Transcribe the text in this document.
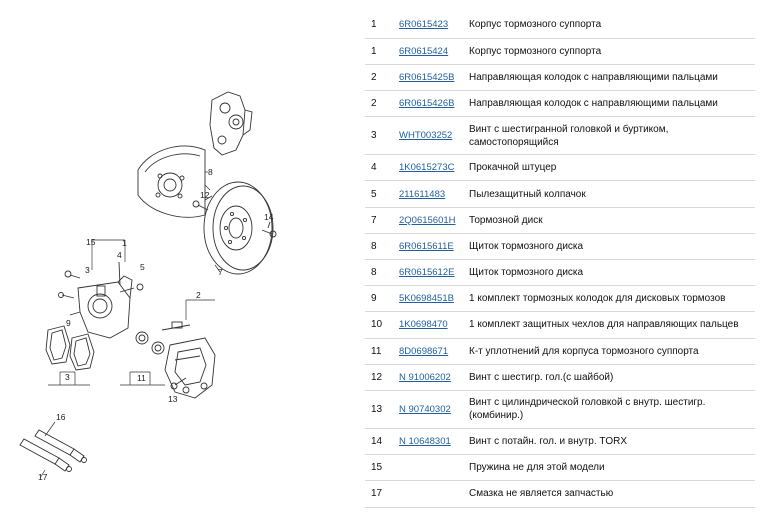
1
2
3
3
4
5	7
8
9
11
12
13
14
15
16
17
1	6R0615423	Корпус тормозного суппорта
1	6R0615424	Корпус тормозного суппорта
2	6R0615425B	Направляющая колодок с направляющими пальцами
2	6R0615426B	Направляющая колодок с направляющими пальцами
3	WHT003252	Винт с шестигранной головкой и буртиком, самостопорящийся
4	1K0615273C	Прокачной штуцер
5	211611483	Пылезащитный колпачок
7	2Q0615601H	Тормозной диск
8	6R0615611E	Щиток тормозного диска
8	6R0615612E	Щиток тормозного диска
9	5K0698451B	1 комплект тормозных колодок для дисковых тормозов
10	1K0698470	1 комплект защитных чехлов для направляющих пальцев
11	8D0698671	К-т уплотнений для корпуса тормозного суппорта
12	N 91006202	Винт с шестигр. гол.(с шайбой)
13	N 90740302	Винт с цилиндрической головкой с внутр. шестигр. (комбинир.)
14	N 10648301	Винт с потайн. гол. и внутр. TORX
15		Пружина не для этой модели
17		Смазка не является запчастью
